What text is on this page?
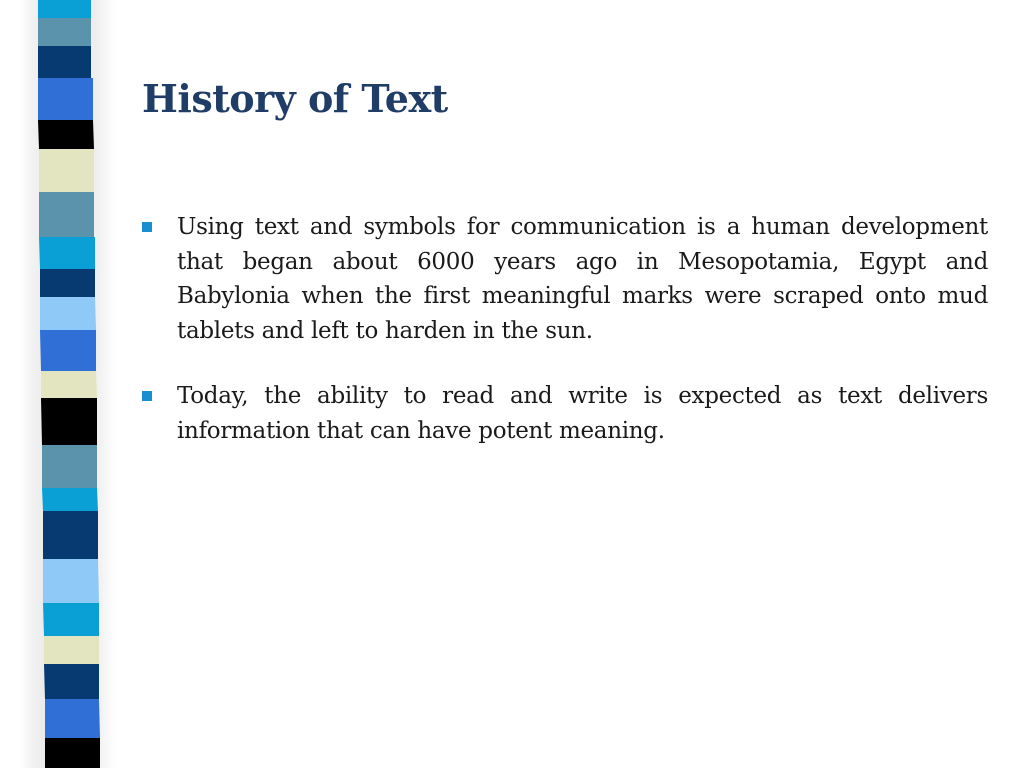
History of Text
Using text and symbols for communication is a human development that began about 6000 years ago in Mesopotamia, Egypt and Babylonia when the first meaningful marks were scraped onto mud tablets and left to harden in the sun.
Today, the ability to read and write is expected as text delivers information that can have potent meaning.
